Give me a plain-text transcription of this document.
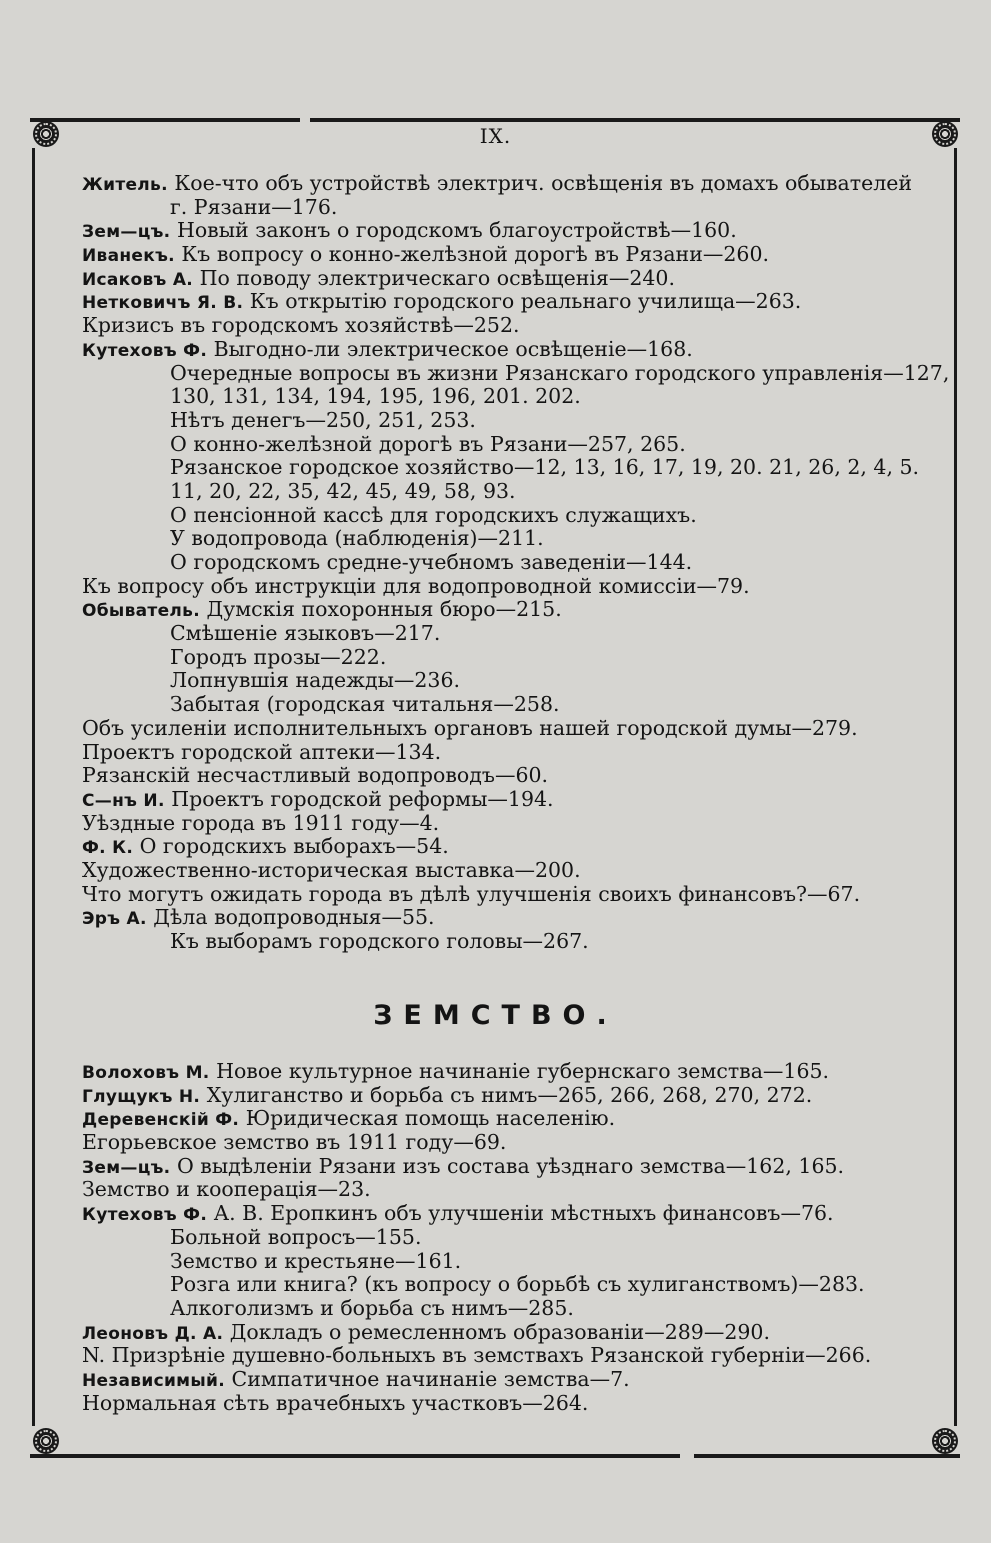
IX.
Житель. Кое-что объ устройствѣ электрич. освѣщенія въ домахъ обывателей
г. Рязани—176.
Зем—цъ. Новый законъ о городскомъ благоустройствѣ—160.
Иванекъ. Къ вопросу о конно-желѣзной дорогѣ въ Рязани—260.
Исаковъ А. По поводу электрическаго освѣщенія—240.
Нетковичъ Я. В. Къ открытію городского реальнаго училища—263.
Кризисъ въ городскомъ хозяйствѣ—252.
Кутеховъ Ф. Выгодно-ли электрическое освѣщеніе—168.
Очередные вопросы въ жизни Рязанскаго городского управленія—127,
130, 131, 134, 194, 195, 196, 201. 202.
Нѣтъ денегъ—250, 251, 253.
О конно-желѣзной дорогѣ въ Рязани—257, 265.
Рязанское городское хозяйство—12, 13, 16, 17, 19, 20. 21, 26, 2, 4, 5.
11, 20, 22, 35, 42, 45, 49, 58, 93.
О пенсіонной кассѣ для городскихъ служащихъ.
У водопровода (наблюденія)—211.
О городскомъ средне-учебномъ заведеніи—144.
Къ вопросу объ инструкціи для водопроводной комиссіи—79.
Обыватель. Думскія похоронныя бюро—215.
Смѣшеніе языковъ—217.
Городъ прозы—222.
Лопнувшія надежды—236.
Забытая (городская читальня—258.
Объ усиленіи исполнительныхъ органовъ нашей городской думы—279.
Проектъ городской аптеки—134.
Рязанскій несчастливый водопроводъ—60.
С—нъ И. Проектъ городской реформы—194.
Уѣздные города въ 1911 году—4.
Ф. К. О городскихъ выборахъ—54.
Художественно-историческая выставка—200.
Что могутъ ожидать города въ дѣлѣ улучшенія своихъ финансовъ?—67.
Эръ А. Дѣла водопроводныя—55.
Къ выборамъ городского головы—267.
ЗЕМСТВО.
Волоховъ М. Новое культурное начинаніе губернскаго земства—165.
Глущукъ Н. Хулиганство и борьба съ нимъ—265, 266, 268, 270, 272.
Деревенскій Ф. Юридическая помощь населенію.
Егорьевское земство въ 1911 году—69.
Зем—цъ. О выдѣленіи Рязани изъ состава уѣзднаго земства—162, 165.
Земство и кооперація—23.
Кутеховъ Ф. А. В. Еропкинъ объ улучшеніи мѣстныхъ финансовъ—76.
Больной вопросъ—155.
Земство и крестьяне—161.
Розга или книга? (къ вопросу о борьбѣ съ хулиганствомъ)—283.
Алкоголизмъ и борьба съ нимъ—285.
Леоновъ Д. А. Докладъ о ремесленномъ образованіи—289—290.
N. Призрѣніе душевно-больныхъ въ земствахъ Рязанской губерніи—266.
Независимый. Симпатичное начинаніе земства—7.
Нормальная сѣть врачебныхъ участковъ—264.
